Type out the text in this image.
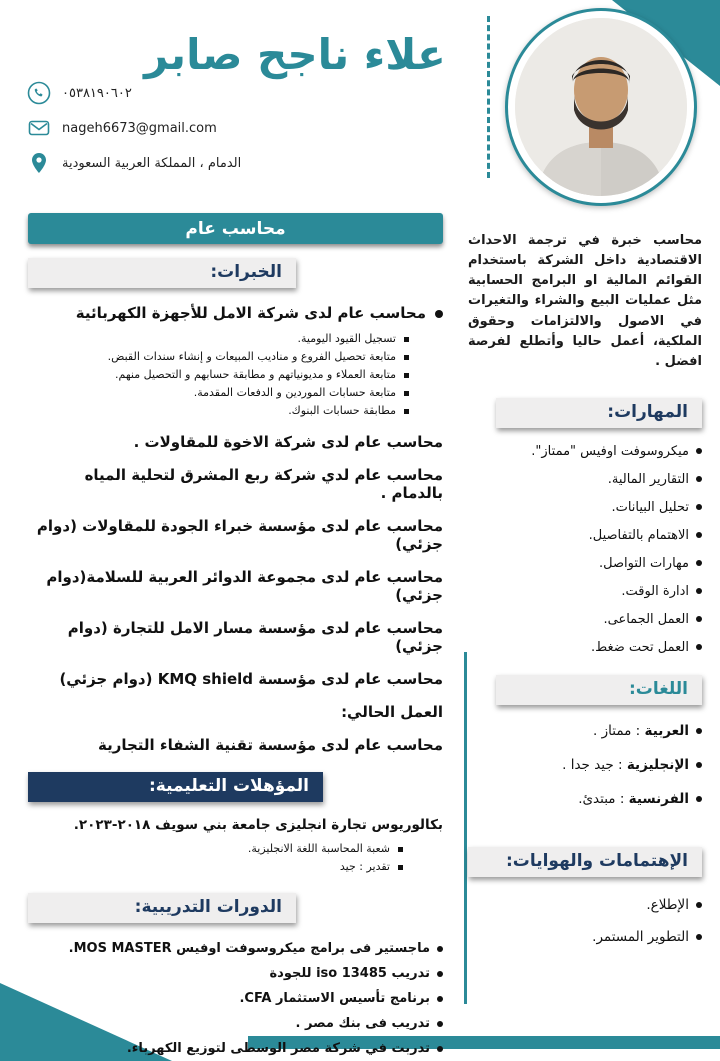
علاء ناجح صابر
٠٥٣٨١٩٠٦٠٢
nageh6673@gmail.com
الدمام ، المملكة العربية السعودية
محاسب عام
الخبرات:
محاسب عام لدى شركة الامل للأجهزة الكهربائية
تسجيل القيود اليومية.
متابعة تحصيل الفروع و مناديب المبيعات و إنشاء سندات القبض.
متابعة العملاء و مديونياتهم و مطابقة حسابهم و التحصيل منهم.
متابعة حسابات الموردين و الدفعات المقدمة.
مطابقة حسابات البنوك.
محاسب عام لدى شركة الاخوة للمقاولات .
محاسب عام لدي شركة ربع المشرق لتحلية المياه بالدمام .
محاسب عام لدى مؤسسة خبراء الجودة للمقاولات (دوام جزئي)
محاسب عام لدى مجموعة الدوائر العربية للسلامة(دوام جزئي)
محاسب عام لدى مؤسسة مسار الامل للتجارة (دوام جزئي)
محاسب عام لدى مؤسسة KMQ shield (دوام جزئي)
العمل الحالي:
محاسب عام لدى مؤسسة تقنية الشفاء التجارية
المؤهلات التعليمية:
بكالوريوس تجارة انجليزى جامعة بني سويف ٢٠١٨-٢٠٢٣.
شعبة المحاسبة اللغة الانجليزية.
تقدير : جيد
الدورات التدريبية:
ماجستير فى برامج ميكروسوفت اوفيس MOS MASTER.
تدريب iso 13485 للجودة
برنامج تأسيس الاستثمار CFA.
تدريب فى بنك مصر .
تدربت في شركة مصر الوسطى لتوزيع الكهرباء.
محاسب خبرة في ترجمة الاحداث الاقتصادية داخل الشركة باستخدام القوائم المالية او البرامج الحسابية مثل عمليات البيع والشراء والتغيرات في الاصول والالتزامات وحقوق الملكية، أعمل حاليا وأتطلع لفرصة افضل .
المهارات:
ميكروسوفت اوفيس "ممتاز".
التقارير المالية.
تحليل البيانات.
الاهتمام بالتفاصيل.
مهارات التواصل.
ادارة الوقت.
العمل الجماعى.
العمل تحت ضغط.
اللغات:
العربية : ممتاز .
الإنجليزية : جيد جدا .
الفرنسية : مبتدئ.
الإهتمامات والهوايات:
الإطلاع.
التطوير المستمر.
